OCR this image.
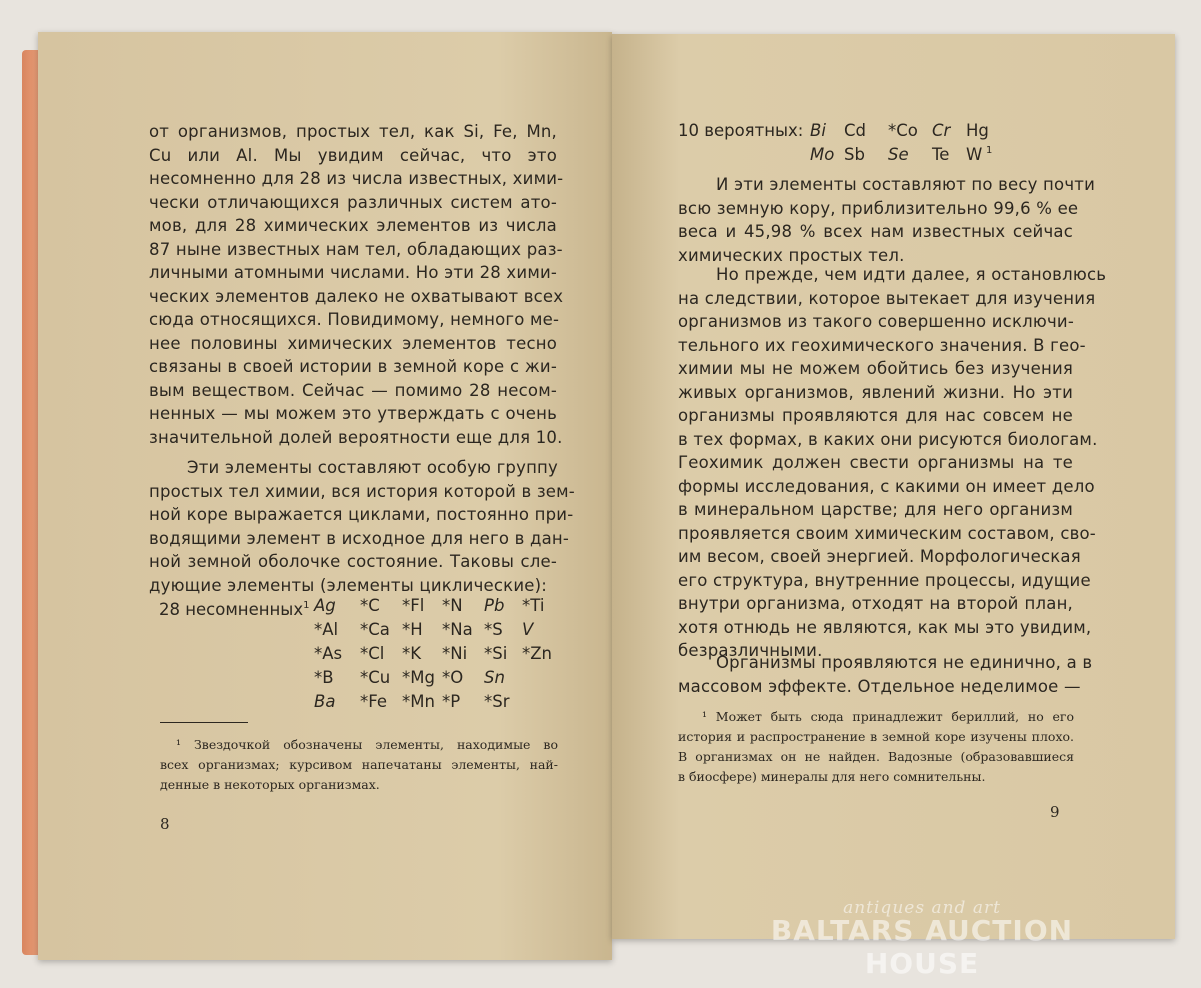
от организмов, простых тел, как Si, Fe, Mn,
Cu или Al. Мы увидим сейчас, что это
несомненно для 28 из числа известных, хими-
чески отличающихся различных систем ато-
мов, для 28 химических элементов из числа
87 ныне известных нам тел, обладающих раз-
личными атомными числами. Но эти 28 хими-
ческих элементов далеко не охватывают всех
сюда относящихся. Повидимому, немного ме-
нее половины химических элементов тесно
связаны в своей истории в земной коре с жи-
вым веществом. Сейчас — помимо 28 несом-
ненных — мы можем это утверждать с очень
значительной долей вероятности еще для 10.
Эти элементы составляют особую группу
простых тел химии, вся история которой в зем-
ной коре выражается циклами, постоянно при-
водящими элемент в исходное для него в дан-
ной земной оболочке состояние. Таковы сле-
дующие элементы (элементы циклические):
28 несомненных$^1$ Ag *C *Fl *N Pb *Ti
*Al *Ca *H *Na *S V
*As *Cl *K *Ni *Si *Zn
*B *Cu *Mg *O Sn
Ba *Fe *Mn *P *Sr
¹ Звездочкой обозначены элементы, находимые во
всех организмах; курсивом напечатаны элементы, най-
денные в некоторых организмах.
8
10 вероятных: Bi Cd *Co Cr Hg
Mo Sb Se Te W 1
И эти элементы составляют по весу почти
всю земную кору, приблизительно 99,6 % ее
веса и 45,98 % всех нам известных сейчас
химических простых тел.
Но прежде, чем идти далее, я остановлюсь
на следствии, которое вытекает для изучения
организмов из такого совершенно исключи-
тельного их геохимического значения. В гео-
химии мы не можем обойтись без изучения
живых организмов, явлений жизни. Но эти
организмы проявляются для нас совсем не
в тех формах, в каких они рисуются биологам.
Геохимик должен свести организмы на те
формы исследования, с какими он имеет дело
в минеральном царстве; для него организм
проявляется своим химическим составом, сво-
им весом, своей энергией. Морфологическая
его структура, внутренние процессы, идущие
внутри организма, отходят на второй план,
хотя отнюдь не являются, как мы это увидим,
безразличными.
Организмы проявляются не единично, а в
массовом эффекте. Отдельное неделимое —
¹ Может быть сюда принадлежит бериллий, но его
история и распространение в земной коре изучены плохо.
В организмах он не найден. Вадозные (образовавшиеся
в биосфере) минералы для него сомнительны.
9
antiques and art
BALTARS AUCTION HOUSE
